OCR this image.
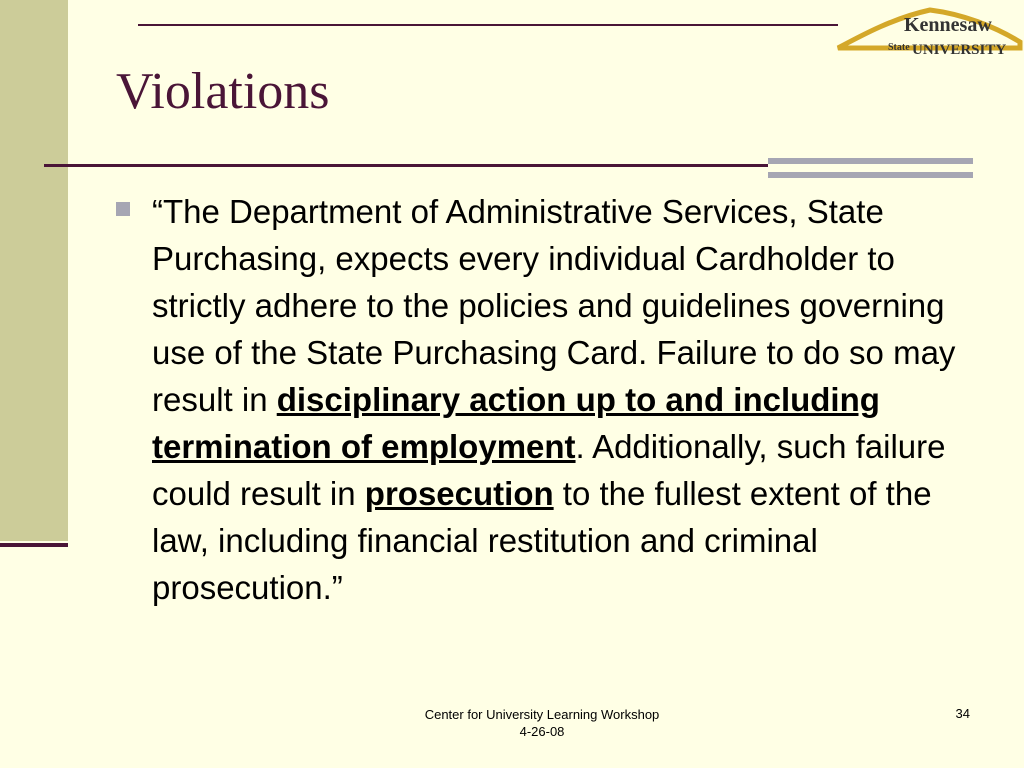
Kennesaw
State UNIVERSITY
Violations

“The Department of Administrative Services, State Purchasing, expects every individual Cardholder to strictly adhere to the policies and guidelines governing use of the State Purchasing Card. Failure to do so may result in disciplinary action up to and including termination of employment. Additionally, such failure could result in prosecution to the fullest extent of the law, including financial restitution and criminal prosecution.”

Center for University Learning Workshop
4-26-08
34
